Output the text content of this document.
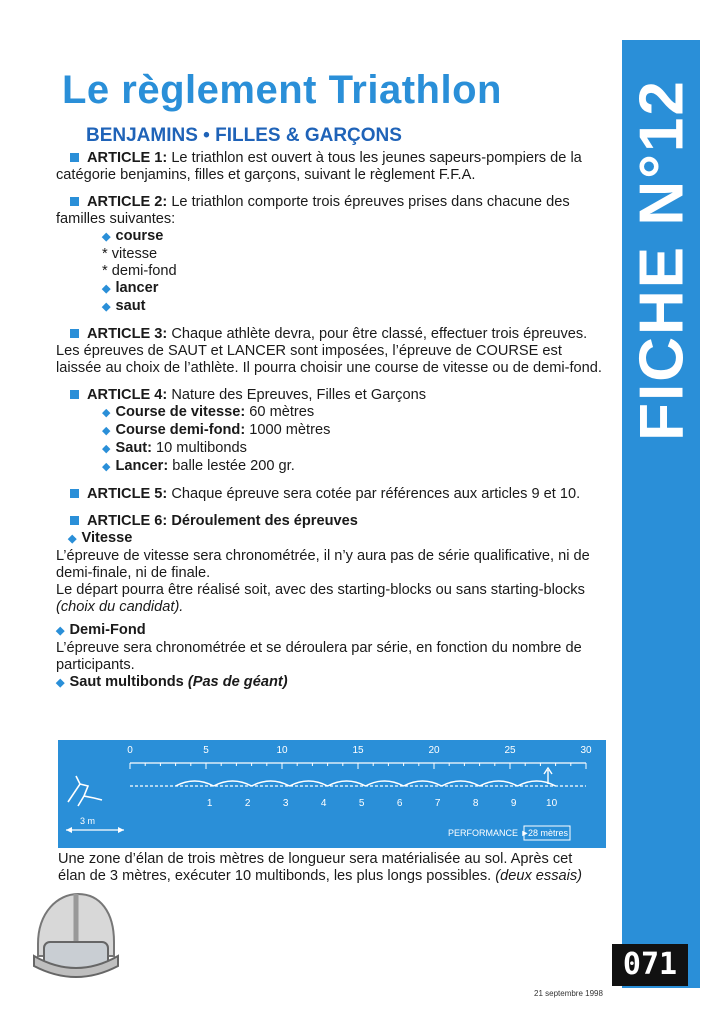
Le règlement Triathlon
BENJAMINS • FILLES & GARÇONS

ARTICLE 1: Le triathlon est ouvert à tous les jeunes sapeurs-pompiers de la catégorie benjamins, filles et garçons, suivant le règlement F.F.A.

ARTICLE 2: Le triathlon comporte trois épreuves prises dans chacune des familles suivantes:
◆ course
* vitesse
* demi-fond
◆ lancer
◆ saut

ARTICLE 3: Chaque athlète devra, pour être classé, effectuer trois épreuves. Les épreuves de SAUT et LANCER sont imposées, l’épreuve de COURSE est laissée au choix de l’athlète. Il pourra choisir une course de vitesse ou de demi-fond.

ARTICLE 4: Nature des Epreuves, Filles et Garçons
◆ Course de vitesse: 60 mètres
◆ Course demi-fond: 1000 mètres
◆ Saut: 10 multibonds
◆ Lancer: balle lestée 200 gr.

ARTICLE 5: Chaque épreuve sera cotée par références aux articles 9 et 10.

ARTICLE 6: Déroulement des épreuves
◆ Vitesse
L’épreuve de vitesse sera chronométrée, il n’y aura pas de série qualificative, ni de demi-finale, ni de finale.
Le départ pourra être réalisé soit, avec des starting-blocks ou sans starting-blocks (choix du candidat).
◆ Demi-Fond
L’épreuve sera chronométrée et se déroulera par série, en fonction du nombre de participants.
◆ Saut multibonds (Pas de géant)
0	5	10	15	20	25	30
1	2	3	4	5	6	7	8	9	10
3 m
PERFORMANCE ►
28 mètres
Une zone d’élan de trois mètres de longueur sera matérialisée au sol. Après cet élan de 3 mètres, exécuter 10 multibonds, les plus longs possibles. (deux essais)
FICHE N°12
071
21 septembre 1998
